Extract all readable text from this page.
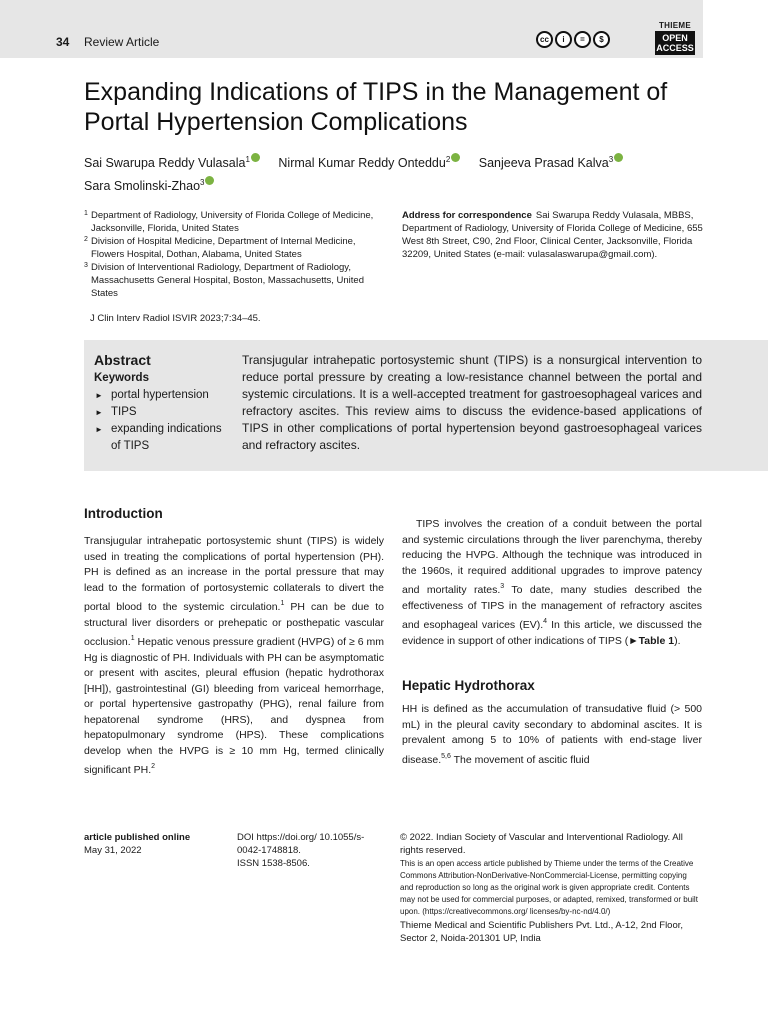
34 Review Article	cc	i	=	$
THIEME
OPEN ACCESS
Expanding Indications of TIPS in the Management of Portal Hypertension Complications
Sai Swarupa Reddy Vulasala$^1$ Nirmal Kumar Reddy Onteddu$^2$ Sanjeeva Prasad Kalva$^3$
Sara Smolinski-Zhao$^3$
1 Department of Radiology, University of Florida College of Medicine, Jacksonville, Florida, United States
2 Division of Hospital Medicine, Department of Internal Medicine, Flowers Hospital, Dothan, Alabama, United States
3 Division of Interventional Radiology, Department of Radiology, Massachusetts General Hospital, Boston, Massachusetts, United States
Address for correspondence Sai Swarupa Reddy Vulasala, MBBS, Department of Radiology, University of Florida College of Medicine, 655 West 8th Street, C90, 2nd Floor, Clinical Center, Jacksonville, Florida 32209, United States (e-mail: vulasalaswarupa@gmail.com).
J Clin Interv Radiol ISVIR 2023;7:34–45.
Abstract
Keywords
► portal hypertension
► TIPS
► expanding indications of TIPS

Transjugular intrahepatic portosystemic shunt (TIPS) is a nonsurgical intervention to reduce portal pressure by creating a low-resistance channel between the portal and systemic circulations. It is a well-accepted treatment for gastroesophageal varices and refractory ascites. This review aims to discuss the evidence-based applications of TIPS in other complications of portal hypertension beyond gastroesophageal varices and refractory ascites.

Introduction

Transjugular intrahepatic portosystemic shunt (TIPS) is widely used in treating the complications of portal hypertension (PH). PH is defined as an increase in the portal pressure that may lead to the formation of portosystemic collaterals to divert the portal blood to the systemic circulation.$^1$ PH can be due to structural liver disorders or prehepatic or posthepatic vascular occlusion.$^1$ Hepatic venous pressure gradient (HVPG) of ≥ 6 mm Hg is diagnostic of PH. Individuals with PH can be asymptomatic or present with ascites, pleural effusion (hepatic hydrothorax [HH]), gastrointestinal (GI) bleeding from variceal hemorrhage, or portal hypertensive gastropathy (PHG), renal failure from hepatorenal syndrome (HRS), and dyspnea from hepatopulmonary syndrome (HPS). These complications develop when the HVPG is ≥ 10 mm Hg, termed clinically significant PH.$^2$

TIPS involves the creation of a conduit between the portal and systemic circulations through the liver parenchyma, thereby reducing the HVPG. Although the technique was introduced in the 1960s, it required additional upgrades to improve patency and mortality rates.$^3$ To date, many studies described the effectiveness of TIPS in the management of refractory ascites and esophageal varices (EV).$^4$ In this article, we discussed the evidence in support of other indications of TIPS (►Table 1).

Hepatic Hydrothorax

HH is defined as the accumulation of transudative fluid (> 500 mL) in the pleural cavity secondary to abdominal ascites. It is prevalent among 5 to 10% of patients with end-stage liver disease.$^{5,6}$ The movement of ascitic fluid

article published online
May 31, 2022
DOI https://doi.org/ 10.1055/s-0042-1748818.
ISSN 1538-8506.
© 2022. Indian Society of Vascular and Interventional Radiology. All rights reserved.
This is an open access article published by Thieme under the terms of the Creative Commons Attribution-NonDerivative-NonCommercial-License, permitting copying and reproduction so long as the original work is given appropriate credit. Contents may not be used for commercial purposes, or adapted, remixed, transformed or built upon. (https://creativecommons.org/ licenses/by-nc-nd/4.0/)
Thieme Medical and Scientific Publishers Pvt. Ltd., A-12, 2nd Floor, Sector 2, Noida-201301 UP, India
